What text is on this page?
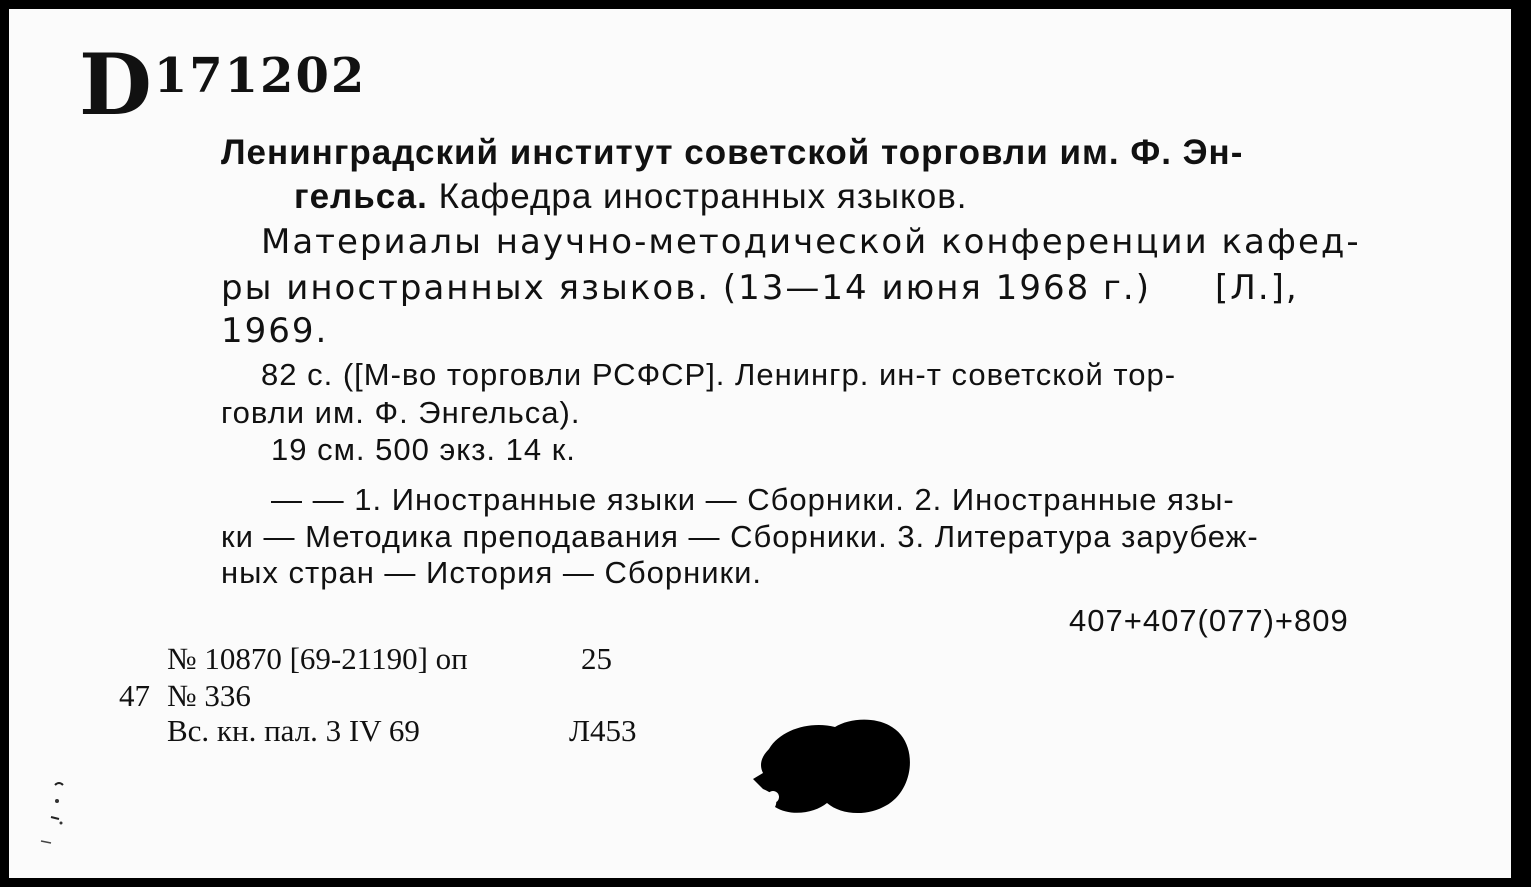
D171202
Ленинградский институт советской торговли им. Ф. Эн-
гельса. Кафедра иностранных языков.
Материалы научно-методической конференции кафед-
ры иностранных языков. (13—14 июня 1968 г.)     [Л.],
1969.
82 с. ([М-во торговли РСФСР]. Ленингр. ин-т советской тор-
говли им. Ф. Энгельса).
19 см. 500 экз. 14 к.
— — 1. Иностранные языки — Сборники. 2. Иностранные язы-
ки — Методика преподавания — Сборники. 3. Литература зарубеж-
ных стран — История — Сборники.
407+407(077)+809
№ 10870 [69-21190] оп	25
47 № 336
Вс. кн. пал. 3 IV 69	Л453
